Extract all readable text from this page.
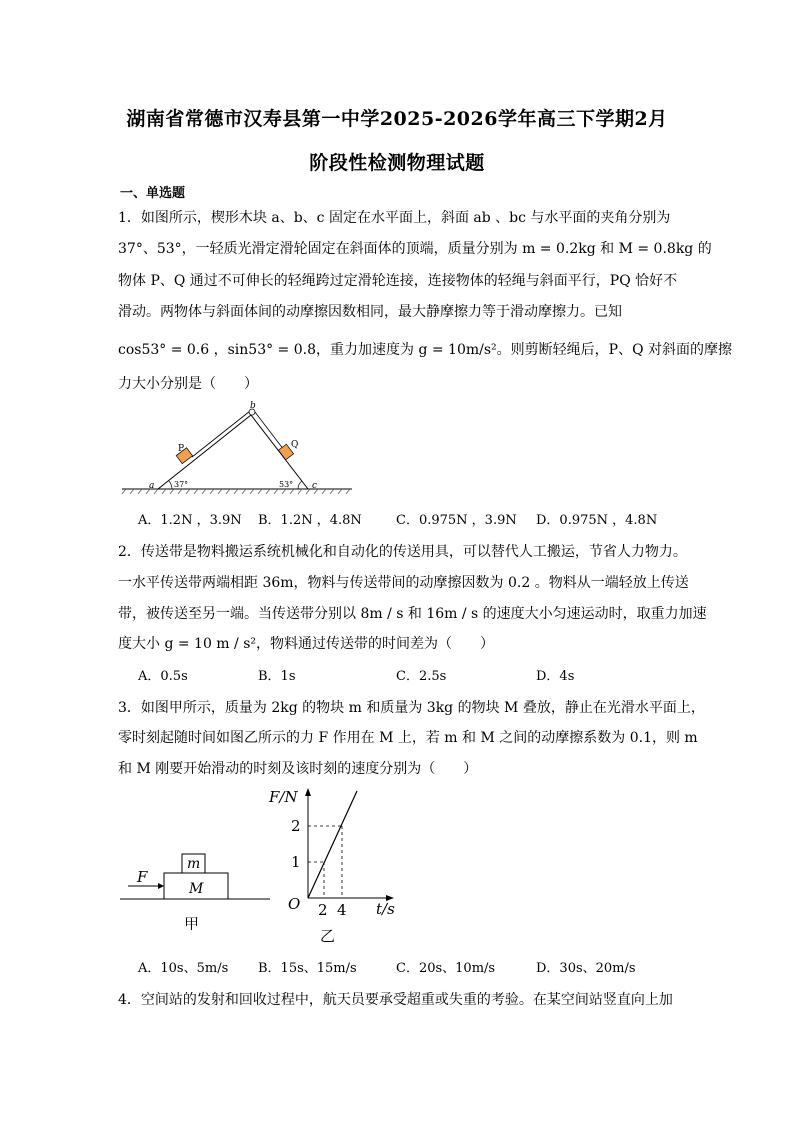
湖南省常德市汉寿县第一中学2025-2026学年高三下学期2月
阶段性检测物理试题
一、单选题
1．如图所示，楔形木块 a、b、c 固定在水平面上，斜面 ab 、bc 与水平面的夹角分别为
37°、53°，一轻质光滑定滑轮固定在斜面体的顶端，质量分别为 m = 0.2kg 和 M = 0.8kg 的
物体 P、Q 通过不可伸长的轻绳跨过定滑轮连接，连接物体的轻绳与斜面平行，PQ 恰好不
滑动。两物体与斜面体间的动摩擦因数相同，最大静摩擦力等于滑动摩擦力。已知
cos53° = 0.6 ，sin53° = 0.8，重力加速度为 g = 10m/s²。则剪断轻绳后，P、Q 对斜面的摩擦
力大小分别是（　　）
a
b
c
P	Q
37°	53°
A．1.2N ，3.9N B．1.2N ，4.8N	C．0.975N ，3.9N D．0.975N ，4.8N
2．传送带是物料搬运系统机械化和自动化的传送用具，可以替代人工搬运，节省人力物力。
一水平传送带两端相距 36m，物料与传送带间的动摩擦因数为 0.2 。物料从一端轻放上传送
带，被传送至另一端。当传送带分别以 8m / s 和 16m / s 的速度大小匀速运动时，取重力加速
度大小 g = 10 m / s²，物料通过传送带的时间差为（　　）
A．0.5s	B．1s	C．2.5s	D．4s
3．如图甲所示，质量为 2kg 的物块 m 和质量为 3kg 的物块 M 叠放，静止在光滑水平面上，
零时刻起随时间如图乙所示的力 F 作用在 M 上，若 m 和 M 之间的动摩擦系数为 0.1，则 m
和 M 刚要开始滑动的时刻及该时刻的速度分别为（　　）
F
m
M
甲
F/N
t/s
O
1
2
2 4
乙
A．10s、5m/s B．15s、15m/s	C．20s、10m/s	D．30s、20m/s
4．空间站的发射和回收过程中，航天员要承受超重或失重的考验。在某空间站竖直向上加
